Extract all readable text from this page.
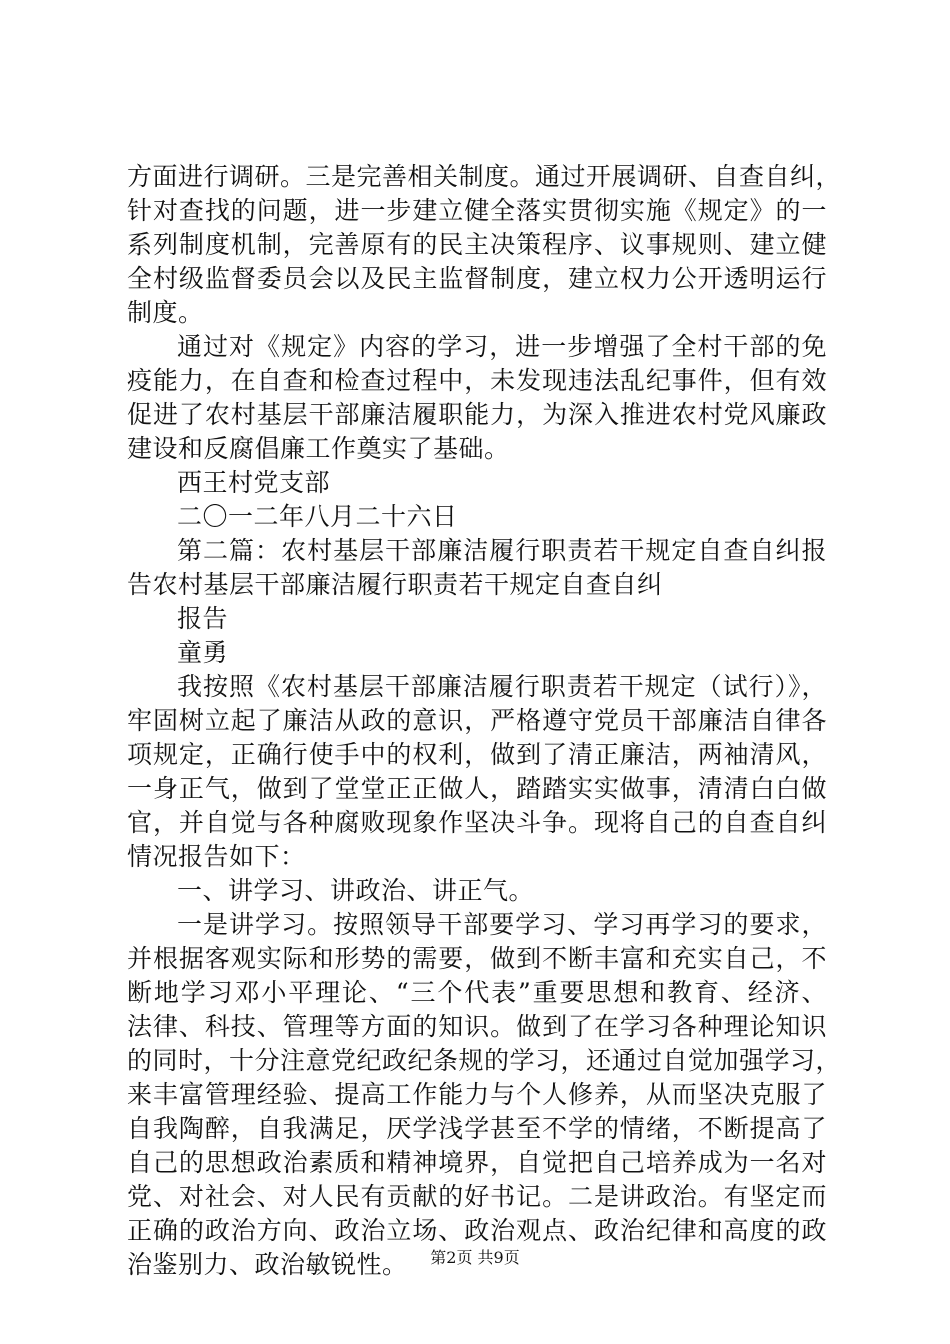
方面进行调研。三是完善相关制度。通过开展调研、自查自纠，
针对查找的问题，进一步建立健全落实贯彻实施《规定》的一
系列制度机制，完善原有的民主决策程序、议事规则、建立健
全村级监督委员会以及民主监督制度，建立权力公开透明运行
制度。
通过对《规定》内容的学习，进一步增强了全村干部的免
疫能力，在自查和检查过程中，未发现违法乱纪事件，但有效
促进了农村基层干部廉洁履职能力，为深入推进农村党风廉政
建设和反腐倡廉工作奠实了基础。
西王村党支部
二〇一二年八月二十六日
第二篇：农村基层干部廉洁履行职责若干规定自查自纠报
告农村基层干部廉洁履行职责若干规定自查自纠
报告
童勇
我按照《农村基层干部廉洁履行职责若干规定（试行）》，
牢固树立起了廉洁从政的意识，严格遵守党员干部廉洁自律各
项规定，正确行使手中的权利，做到了清正廉洁，两袖清风，
一身正气，做到了堂堂正正做人，踏踏实实做事，清清白白做
官，并自觉与各种腐败现象作坚决斗争。现将自己的自查自纠
情况报告如下：
一、讲学习、讲政治、讲正气。
一是讲学习。按照领导干部要学习、学习再学习的要求，
并根据客观实际和形势的需要，做到不断丰富和充实自己，不
断地学习邓小平理论、“三个代表”重要思想和教育、经济、
法律、科技、管理等方面的知识。做到了在学习各种理论知识
的同时，十分注意党纪政纪条规的学习，还通过自觉加强学习，
来丰富管理经验、提高工作能力与个人修养，从而坚决克服了
自我陶醉，自我满足，厌学浅学甚至不学的情绪，不断提高了
自己的思想政治素质和精神境界，自觉把自己培养成为一名对
党、对社会、对人民有贡献的好书记。二是讲政治。有坚定而
正确的政治方向、政治立场、政治观点、政治纪律和高度的政
治鉴别力、政治敏锐性。	第2页 共9页
